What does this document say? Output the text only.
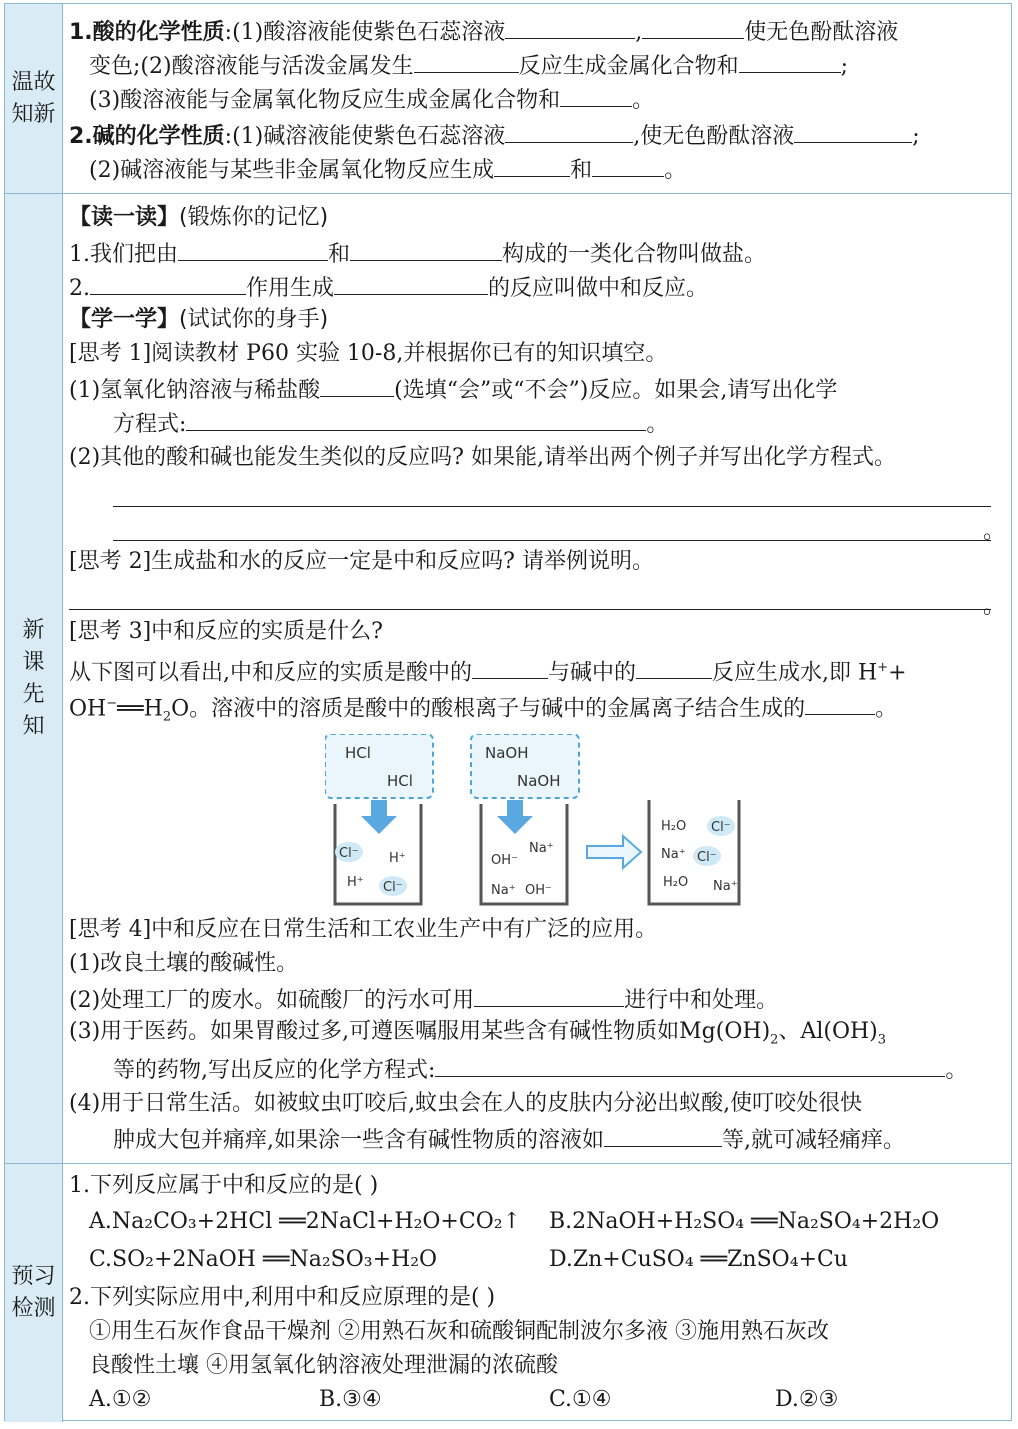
温故
知新
1.酸的化学性质:(1)酸溶液能使紫色石蕊溶液	,	使无色酚酞溶液
变色;(2)酸溶液能与活泼金属发生	反应生成金属化合物和	;
(3)酸溶液能与金属氧化物反应生成金属化合物和	。
2.碱的化学性质:(1)碱溶液能使紫色石蕊溶液	,使无色酚酞溶液	;
(2)碱溶液能与某些非金属氧化物反应生成	和	。
新
课
先
知
【读一读】(锻炼你的记忆)
1.我们把由	和	构成的一类化合物叫做盐。
2.	作用生成	的反应叫做中和反应。
【学一学】(试试你的身手)
[思考 1]阅读教材 P60 实验 10-8,并根据你已有的知识填空。
(1)氢氧化钠溶液与稀盐酸	(选填“会”或“不会”)反应。如果会,请写出化学
方程式:	。
(2)其他的酸和碱也能发生类似的反应吗? 如果能,请举出两个例子并写出化学方程式。
。
[思考 2]生成盐和水的反应一定是中和反应吗? 请举例说明。
。
[思考 3]中和反应的实质是什么?
从下图可以看出,中和反应的实质是酸中的	与碱中的	反应生成水,即 H++
$OH^-══H_2O$。溶液中的溶质是酸中的酸根离子与碱中的金属离子结合生成的	。
HCl
HCl
Cl⁻ H⁺
H⁺ Cl⁻
NaOH
NaOH
Na⁺
OH⁻
Na⁺ OH⁻
H₂O Cl⁻
Na⁺ Cl⁻
H₂O Na⁺
[思考 4]中和反应在日常生活和工农业生产中有广泛的应用。
(1)改良土壤的酸碱性。
(2)处理工厂的废水。如硫酸厂的污水可用	进行中和处理。
(3)用于医药。如果胃酸过多,可遵医嘱服用某些含有碱性物质如$Mg(OH)_2$、$Al(OH)_3$
等的药物,写出反应的化学方程式:	。
(4)用于日常生活。如被蚊虫叮咬后,蚊虫会在人的皮肤内分泌出蚁酸,使叮咬处很快
肿成大包并痛痒,如果涂一些含有碱性物质的溶液如	等,就可减轻痛痒。
预习
检测
1.下列反应属于中和反应的是( )
A.Na₂CO₃+2HCl ══2NaCl+H₂O+CO₂↑ B.2NaOH+H₂SO₄ ══Na₂SO₄+2H₂O
C.SO₂+2NaOH ══Na₂SO₃+H₂O	D.Zn+CuSO₄ ══ZnSO₄+Cu
2.下列实际应用中,利用中和反应原理的是( )
①用生石灰作食品干燥剂 ②用熟石灰和硫酸铜配制波尔多液 ③施用熟石灰改
良酸性土壤 ④用氢氧化钠溶液处理泄漏的浓硫酸
A.①②	B.③④	C.①④	D.②③
